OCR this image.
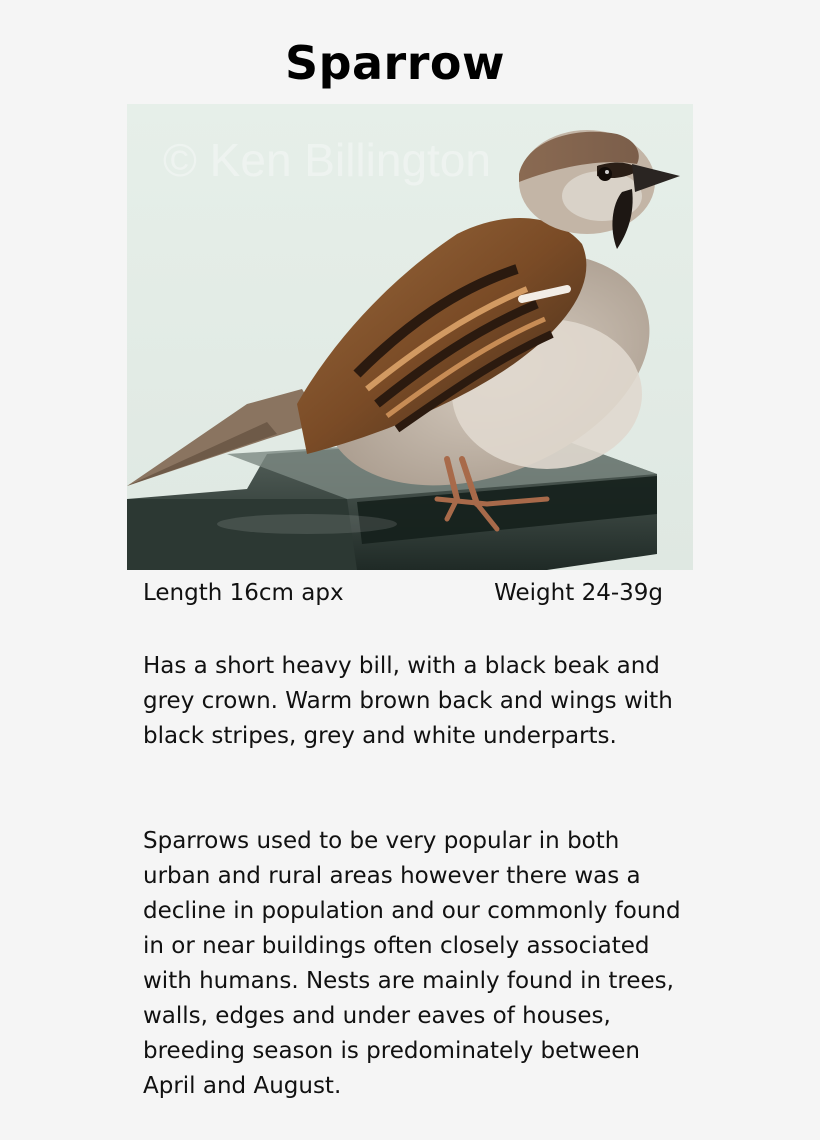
Sparrow
© Ken Billington
Length 16cm apx	Weight 24-39g

Has a short heavy bill, with a black beak and grey crown. Warm brown back and wings with black stripes, grey and white underparts.

Sparrows used to be very popular in both urban and rural areas however there was a decline in population and our commonly found in or near buildings often closely associated with humans. Nests are mainly found in trees, walls, edges and under eaves of houses, breeding season is predominately between April and August.
